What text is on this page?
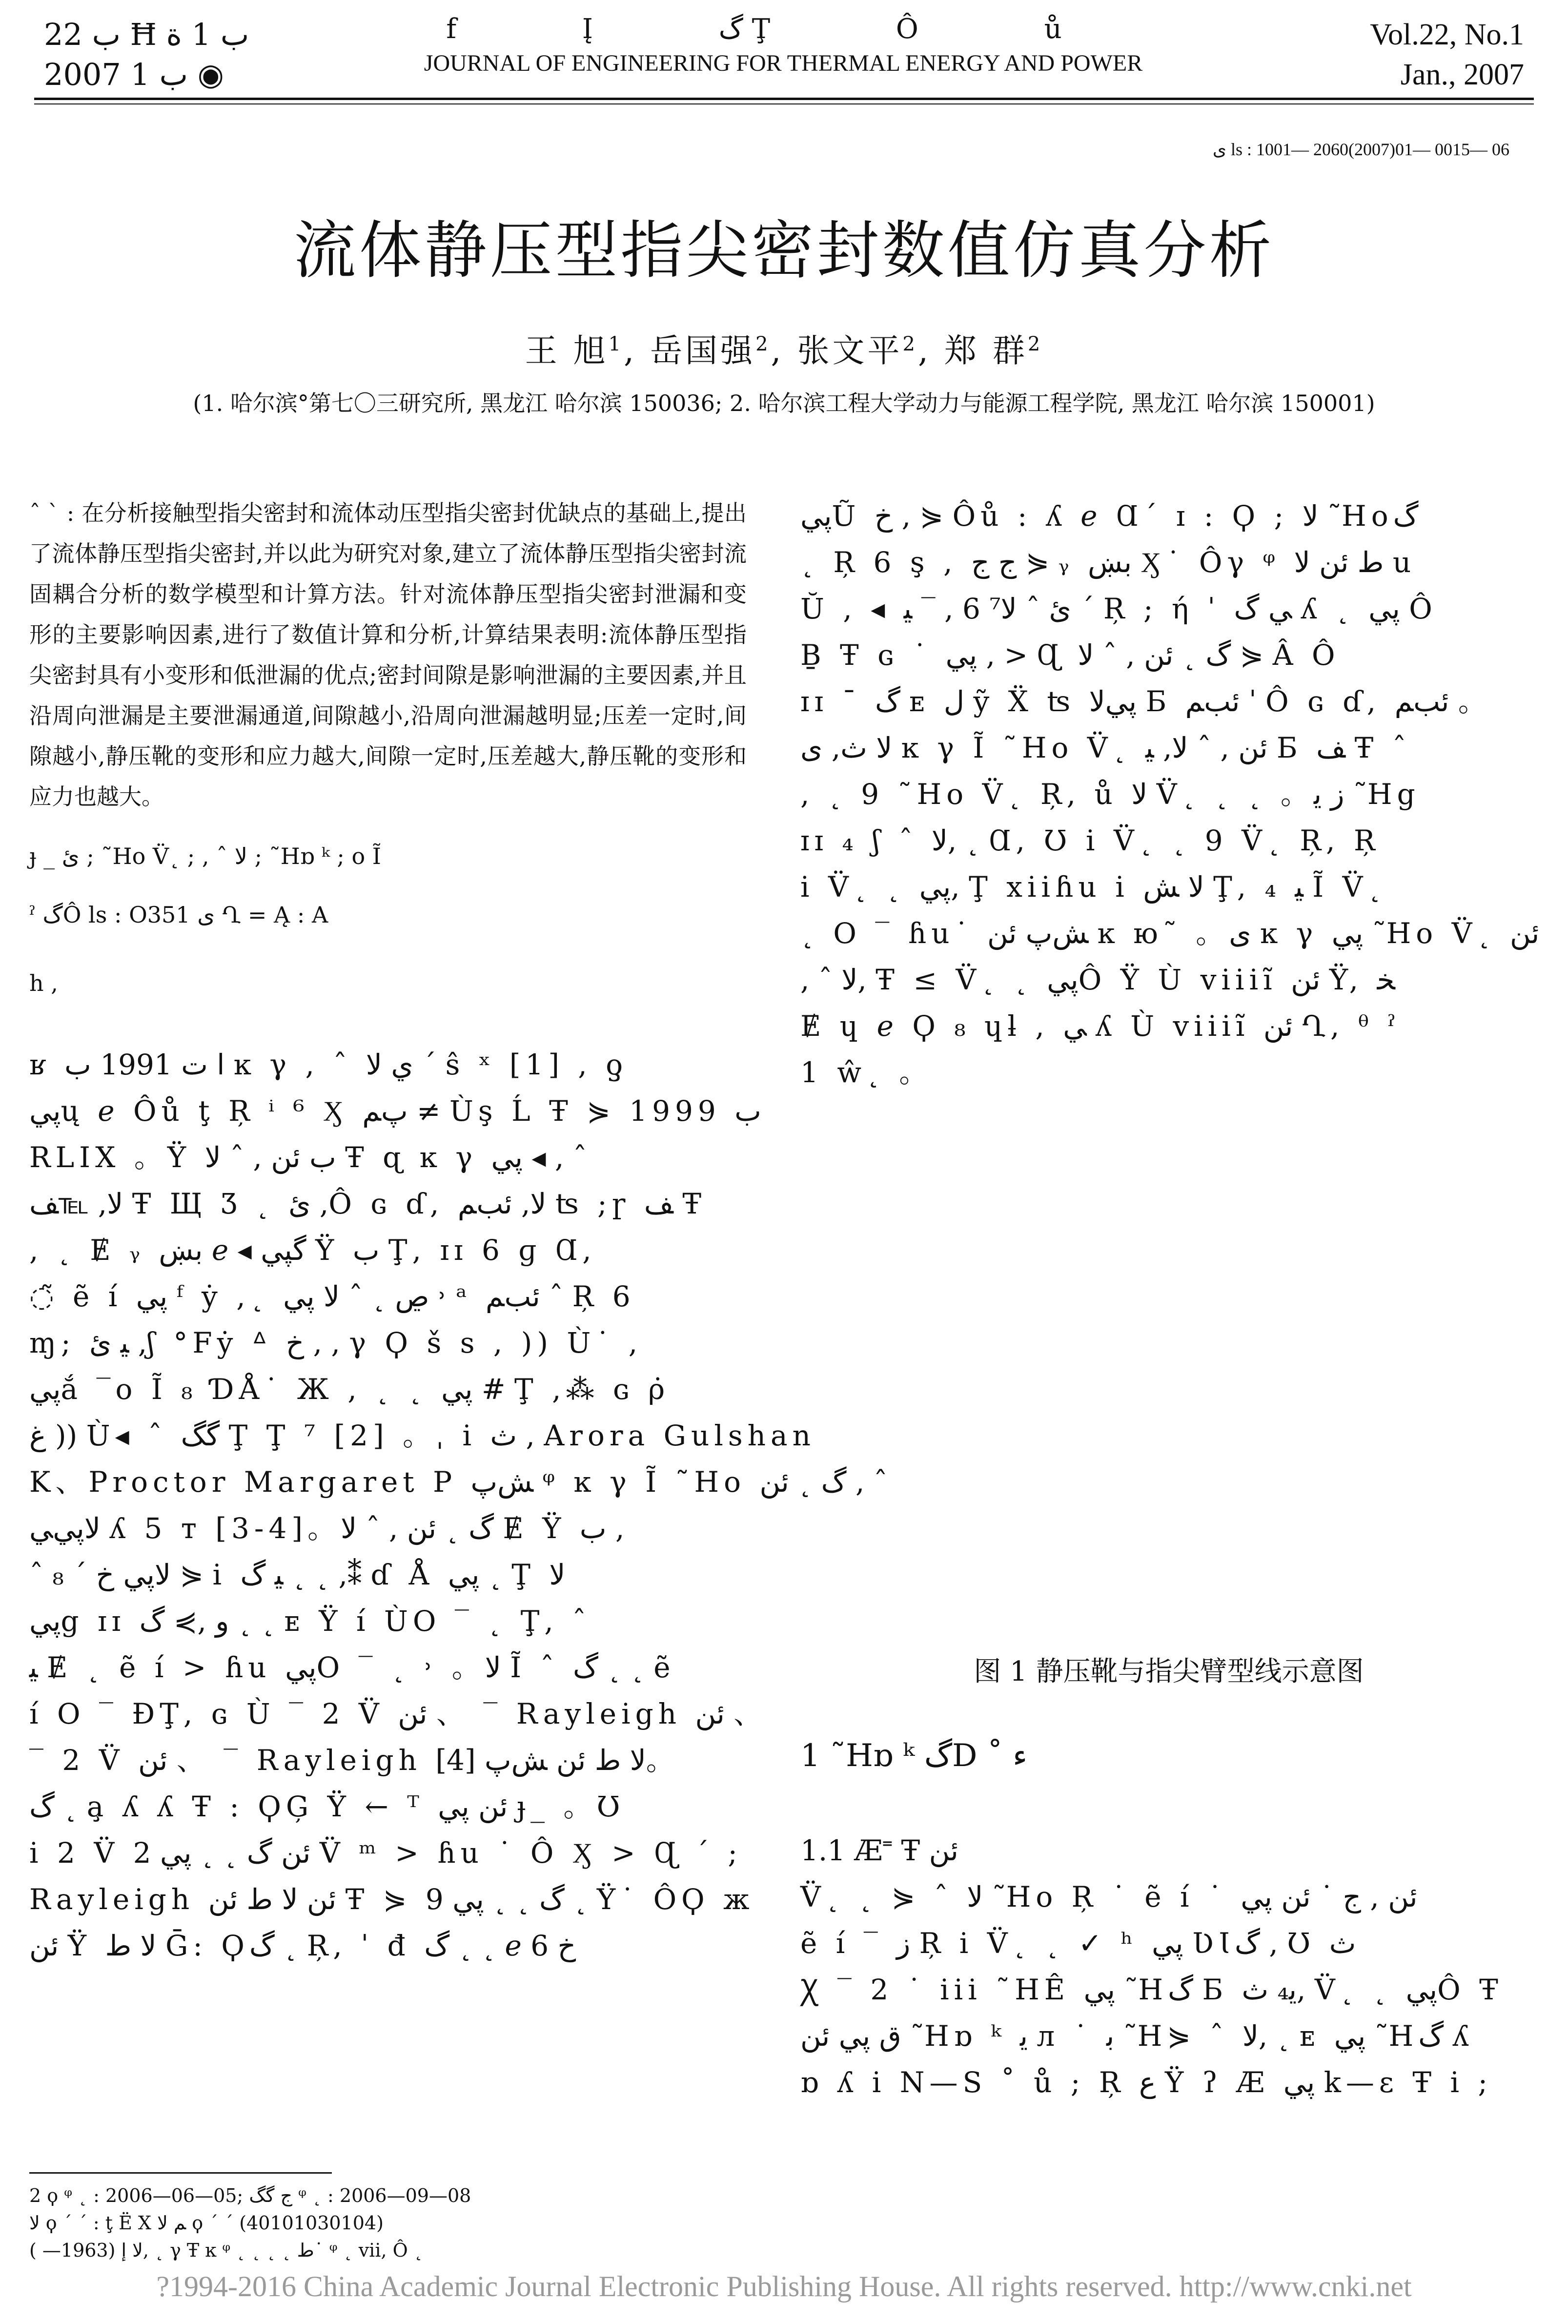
ب 22 Ħ ب 1 ة
2007 ب 1 ◉
f Į گ Ţ Ô ů
JOURNAL OF ENGINEERING FOR THERMAL ENERGY AND POWER
Vol.22, No.1
Jan., 2007
ى ls : 1001— 2060(2007)01— 0015— 06
流体静压型指尖密封数值仿真分析
王 旭$^1$, 岳国强$^2$, 张文平$^2$, 郑 群$^2$
(1. 哈尔滨°第七〇三研究所, 黑龙江 哈尔滨 150036; 2. 哈尔滨工程大学动力与能源工程学院, 黑龙江 哈尔滨 150001)

ˆ ˋ : 在分析接触型指尖密封和流体动压型指尖密封优缺点的基础上,提出了流体静压型指尖密封,并以此为研究对象,建立了流体静压型指尖密封流固耦合分析的数学模型和计算方法。针对流体静压型指尖密封泄漏和变形的主要影响因素,进行了数值计算和分析,计算结果表明:流体静压型指尖密封具有小变形和低泄漏的优点;密封间隙是影响泄漏的主要因素,并且沿周向泄漏是主要泄漏通道,间隙越小,沿周向泄漏越明显;压差一定时,间隙越小,静压靴的变形和应力越大,间隙一定时,压差越大,静压靴的变形和应力也越大。

ɟ _ ئ ; ˜Ho V̈˛ ; , ˆ ﻻ ; ˜Hɒ ᵏ ; o Ĩ
ˀ گÔ ls : O351 ى Ղ = Ą : A
h ,
ʁ ا ت 1991 ب ĸ γ , ˆ ي ﻻ ´ ŝ ˣ [1] , ƍ
پيų ℯ Ôů ţ Ŗ ⁱ ⁶ Ӽ پﻢ ≠ Ùş Ĺ Ŧ ⋟ 1999 ب
RLIX 。Ÿ ب ئن , ˆ ﻻ Ŧ ɋ ĸ γ پي ◂ , ˆ
ﻻ, ℡ﻒ Ŧ Щ Ʒ ˛ ئ ,Ô ɢ ɗ, ﻻ, ئبﻢ ʦ ;ɼ ﻒ Ŧ
, ˛ Ɇ ᵧ بښ ℯ ◂ گپي Ÿ ب Ţ, ɪɪ 6 ɡ Ɑ,
◌̃ ẽ í پي ᶠ ẏ ,˛ ڝ ˛ ˆ ﻻ پي ˒ ᵃ ئبﻢ ˆ Ŗ 6
ɱ; ﻴ ئ ,ʃ °Fẏ ᐞ خ , , γ Ϙ š s , )) Ù˙ ,
پيắ ‾o Ĩ ₈ ƊÅ˙ Ж , ˛ ˛ پي # Ţ ,⁂ ɢ ρ̇
ﻍ )) Ù◂ ˆ گگ Ţ Ţ ⁷ [2] 。ˌ i ﺙ , Arora Gulshan
K、Proctor Margaret P ﺶپ ᵠ ĸ γ Ĩ ˜Ho گ ˛ ئن , ˆ
ﻻپيﻲ ʎ 5 ᴛ [3-4]。گ ˛ ئن , ˆ ﻻ Ɇ Ÿ ب ,
ˆ ﻻپي ﺥ ´ ₈ ⋟ i ﻴ گ ˛ ˛ ,⁑ ɗ Å پي ˛ Ţ ﻻ
پيg ɪɪ و ,⋟ گ ˛ ˛ ᴇ Ÿ í ÙO ‾ ˛ Ţ, ˆ
ﻴ Ɇ ˛ ẽ í > ɦu پيO ‾ ˛ ˒ 。ﻻ Ĩ ˆ گ ˛ ˛ ẽ
í O ‾ ƉŢ, ɢ Ù ‾ 2 V̈ ئن 、 ‾ Rayleigh ئن 、
‾ 2 V̈ ئن 、 ‾ Rayleigh ﻻ ﻁ ئن ﺶپ [4]。
گ ˛ a̧ ʎ ʎ Ŧ : ϘĢ Ÿ ← ᵀ ئن پي ɟ_ 。Ʊ
i 2 V̈ ئن گ ˛ ˛ پي 2 V̈ ᵐ > ɦu ˙ Ô Ӽ > Ɋ ´ ;
Rayleigh ئن ﻻ ﻁ ئن Ŧ ⋟ گ ˛ ˛ پي 9 ˛ Ÿ˙ ÔϘ ж
ئن Ÿ ﻻ ﻁ Ḡ: Ϙگ ˛ Ŗ, ˈ đ گ ˛ ˛ ℯ 6 خ
پيŨ خ , ⋟ Ôů : ʎ ℯ Ɑ´ ɪ : Ϙ ; ﻻ ˜Hoگ
˛ Ŗ 6 ş , ج ج ⋟ ᵧ بښ Ӽ˙ Ôγ ᵠ ﻁ ئن ﻻ u
Ŭ , ◂ ئ ˆ ﻻ⁷ 6 , ‾ ﻴ ´ Ŗ ; ή ˈ ﻲ گ ʎ ˛ پي Ô
Ḇ Ŧ ɢ ˙ پي , > Ɋ گ ˛ ئن , ˆ ﻻ ⋟ Â Ô
ɪɪ ˉ گ ᴇ ﻝ ỹ Ẍ ʦ پيﻻ Ƃ ئبﻢ ˈ Ô ɢ ɗ, ئبﻢ 。
ﻻ ﺙ, ى ĸ γ Ĩ ˜Ho V̈˛ ئن , ˆ ﻻ, ﻴ Ƃ ﻒ Ŧ ˆ
, ˛ 9 ˜Ho V̈˛ Ŗ, ů ﻻ V̈˛ ˛ ˛ 。ﺯ ﻳ ˜Hg
ɪɪ ₄ ʃ ˆ ﻻ, ˛ Ɑ, Ʊ i V̈˛ ˛ 9 V̈˛ Ŗ, Ŗ
i V̈˛ ˛ پي, Ţ xiiɦu i ﻻ ﺶ Ţ, ₄ ﻴ Ĩ V̈˛
˛ O ‾ ɦu˙ ﺶپ ئن ĸ ю˜ 。ى ĸ γ پي ˜Ho V̈˛ ئن
, ˆ ﻻ, Ŧ ≤ V̈˛ ˛ پيÔ Ÿ Ù viiiĩ ئن Ÿ, ﺨ
Ɇ ɥ ℯ Ϙ ₈ ɥƚ , ﻲ ʎ Ù viiiĩ ئن Ղ, ᶿ ˀ
1 ŵ˛ 。
图 1 静压靴与指尖臂型线示意图
1 ˜Hɒ ᵏ گD ˚ ﺀ
1.1 Æ˭ Ŧ ئن
V̈˛ ˛ ⋟ ˆ ﻻ ˜Ho Ŗ ˙ ẽ í ˙ ئن , ج ˙ ئن پي
ẽ í ‾ ﺯ Ŗ i V̈˛ ˛ ✓ ʰ پي ƲƖگ , Ʊ ﺙ
Ꭓ ‾ 2 ˙ iii ˜HÊ پي ˜Hگ Ƃ ﻳ₄ ﺙ, V̈˛ ˛ پيÔ Ŧ
ﻕ پي ئن ˜Hɒ ᵏ ﻳ л ˙ ﺑ ˜H⋟ ˆ ﻻ, ˛ ᴇ پي ˜Hگ ʎ
ɒ ʎ i N—S ˚ ů ; Ŗ ﻉ Ÿ ʔ Æ پي k—ɛ Ŧ i ;
2 ϙ ᵠ ˛ : 2006—06—05; ﺝ گگ ᵠ ˛ : 2006—09—08
ﻻ ϙ ´ ´ : ţ Ë X ﻢ ﻻ ϙ ´ ´ (40101030104)
ﻻ ﺇ (1963— ), ˛ γ Ŧ ĸ ᵠ ˛ ˛ ˛ ˛ ﻁ˙ ᵠ ˛ vii, Ô ˛
?1994-2016 China Academic Journal Electronic Publishing House. All rights reserved. http://www.cnki.net
